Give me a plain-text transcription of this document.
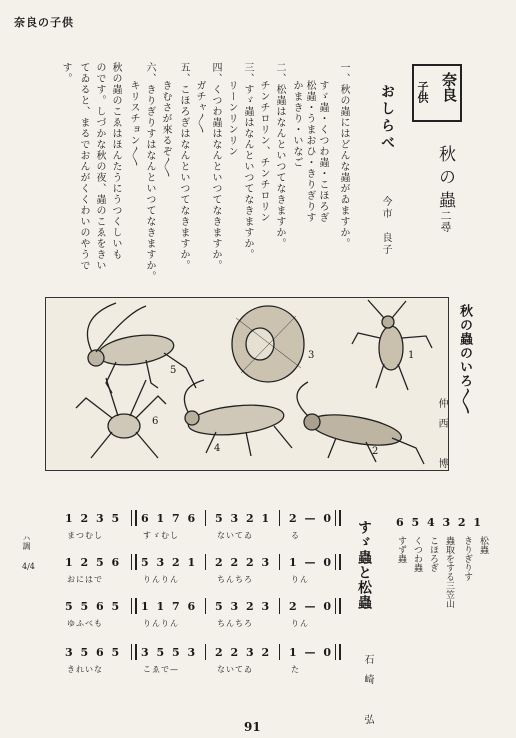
奈良の子供
奈良
子供
秋の蟲
二尋
おしらべ
今市　良子
一、秋の蟲にはどんな蟲がゐますか。
すゞ蟲・くつわ蟲・こほろぎ
松蟲・うまおひ・きりぎりす
かまきり・いなご
二、松蟲はなんといつてなきますか。
チンチロリン、チンチロリン
三、すゞ蟲はなんといつてなきますか。
リーンリンリン
四、くつわ蟲はなんといつてなきますか。
ガチャ〳〵
五、こほろぎはなんといつてなきますか。
きむさが來るぞ〳〵
六、きりぎりすはなんといつてなきますか。
キリスチョン〳〵
秋の蟲のこゑはほんたうにうつくしいも
のです。しづかな秋の夜、蟲のこゑをきい
てゐると、まるでおんがくくわいのやうで
す。
5
3	1
6
4	2
秋の蟲のいろ〳〵
仲西　博
すゞ蟲と松蟲
石崎　弘
6 5 4 3 2 1
松蟲
きりぎりす
蟲取をする三笠山
こほろぎ
くつわ蟲
すず蟲
ハ調
4/4
1 2 3 5
まつむし
6 1 7 6
すゞむし
5 3 2 1
ないてゐ
2 — 0
る
1 2 5 6
おにはで
5 3 2 1
りんりん
2 2 2 3
ちんちろ
1 — 0
りん
5 5 6 5
ゆふべも
1 1 7 6
りんりん
5 3 2 3
ちんちろ
2 — 0
りん
3 5 6 5
きれいな
3 5 5 3
こゑで—
2 2 3 2
ないてゐ
1 — 0
た
91
